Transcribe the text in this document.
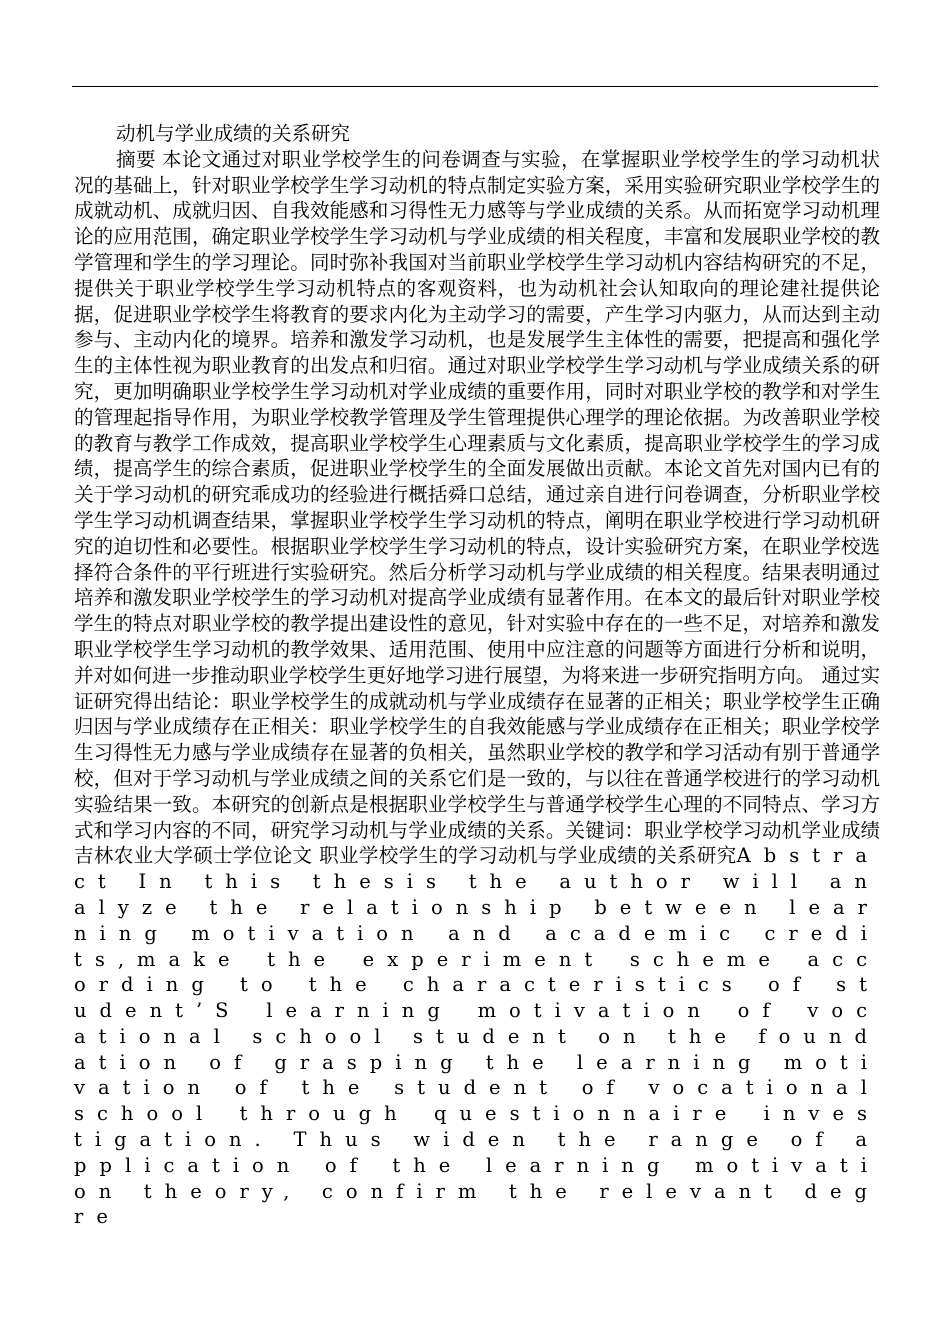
动机与学业成绩的关系研究

摘要 本论文通过对职业学校学生的问卷调查与实验，在掌握职业学校学生的学习动机状况的基础上，针对职业学校学生学习动机的特点制定实验方案，采用实验研究职业学校学生的成就动机、成就归因、自我效能感和习得性无力感等与学业成绩的关系。从而拓宽学习动机理论的应用范围，确定职业学校学生学习动机与学业成绩的相关程度，丰富和发展职业学校的教学管理和学生的学习理论。同时弥补我国对当前职业学校学生学习动机内容结构研究的不足，提供关于职业学校学生学习动机特点的客观资料，也为动机社会认知取向的理论建社提供论据，促进职业学校学生将教育的要求内化为主动学习的需要，产生学习内驱力，从而达到主动参与、主动内化的境界。培养和激发学习动机，也是发展学生主体性的需要，把提高和强化学生的主体性视为职业教育的出发点和归宿。通过对职业学校学生学习动机与学业成绩关系的研究，更加明确职业学校学生学习动机对学业成绩的重要作用，同时对职业学校的教学和对学生的管理起指导作用，为职业学校教学管理及学生管理提供心理学的理论依据。为改善职业学校的教育与教学工作成效，提高职业学校学生心理素质与文化素质，提高职业学校学生的学习成绩，提高学生的综合素质，促进职业学校学生的全面发展做出贡献。本论文首先对国内已有的关于学习动机的研究乖成功的经验进行概括舜口总结，通过亲自进行问卷调查，分析职业学校学生学习动机调查结果，掌握职业学校学生学习动机的特点，阐明在职业学校进行学习动机研究的迫切性和必要性。根据职业学校学生学习动机的特点，设计实验研究方案，在职业学校选择符合条件的平行班进行实验研究。然后分析学习动机与学业成绩的相关程度。结果表明通过培养和激发职业学校学生的学习动机对提高学业成绩有显著作用。在本文的最后针对职业学校学生的特点对职业学校的教学提出建设性的意见，针对实验中存在的一些不足，对培养和激发职业学校学生学习动机的教学效果、适用范围、使用中应注意的问题等方面进行分析和说明，并对如何进一步推动职业学校学生更好地学习进行展望，为将来进一步研究指明方向。 通过实证研究得出结论：职业学校学生的成就动机与学业成绩存在显著的正相关；职业学校学生正确归因与学业成绩存在正相关：职业学校学生的自我效能感与学业成绩存在正相关；职业学校学生习得性无力感与学业成绩存在显著的负相关，虽然职业学校的教学和学习活动有别于普通学校，但对于学习动机与学业成绩之间的关系它们是一致的，与以往在普通学校进行的学习动机实验结果一致。本研究的创新点是根据职业学校学生与普通学校学生心理的不同特点、学习方式和学习内容的不同，研究学习动机与学业成绩的关系。关键词：职业学校学习动机学业成绩 吉林农业大学硕士学位论文 职业学校学生的学习动机与学业成绩的关系研究Abstract In this thesis the author will analyze the relationship between learning motivation and academic credits,make the experiment scheme according to the characteristics of student’S learning motivation of vocational school student on the foundation of grasping the learning motivation of the student of vocational school through questionnaire investigation. Thus widen the range of application of the learning motivation theory, confirm the relevant degre
